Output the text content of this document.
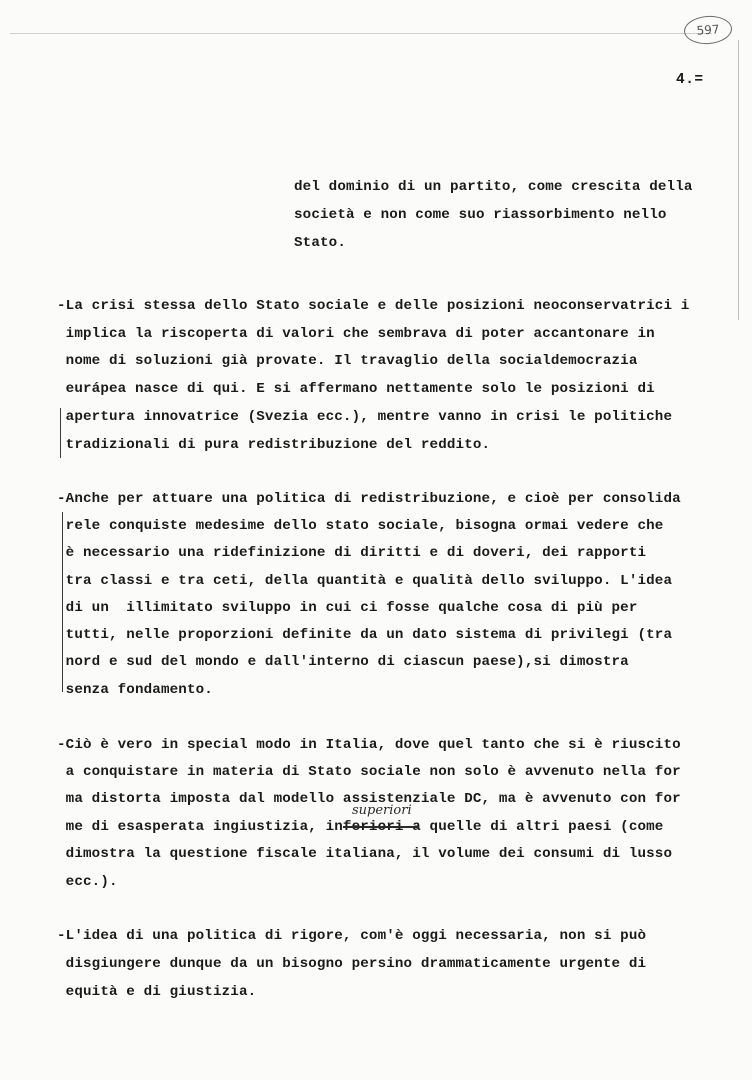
597
4.=
del dominio di un partito, come crescita della
società e non come suo riassorbimento nello
Stato.
-La crisi stessa dello Stato sociale e delle posizioni neoconservatrici i
implica la riscoperta di valori che sembrava di poter accantonare in
nome di soluzioni già provate. Il travaglio della socialdemocrazia
eurápea nasce di qui. E si affermano nettamente solo le posizioni di
apertura innovatrice (Svezia ecc.), mentre vanno in crisi le politiche
tradizionali di pura redistribuzione del reddito.
-Anche per attuare una politica di redistribuzione, e cioè per consolida
rele conquiste medesime dello stato sociale, bisogna ormai vedere che
è necessario una ridefinizione di diritti e di doveri, dei rapporti
tra classi e tra ceti, della quantità e qualità dello sviluppo. L'idea
di un  illimitato sviluppo in cui ci fosse qualche cosa di più per
tutti, nelle proporzioni definite da un dato sistema di privilegi (tra
nord e sud del mondo e dall'interno di ciascun paese),si dimostra
senza fondamento.
-Ciò è vero in special modo in Italia, dove quel tanto che si è riuscito
a conquistare in materia di Stato sociale non solo è avvenuto nella for
ma distorta imposta dal modello assistenziale DC, ma è avvenuto con for
me di esasperata ingiustizia, inferiori a quelle di altri paesi (come
dimostra la questione fiscale italiana, il volume dei consumi di lusso
ecc.).
superiori
-L'idea di una politica di rigore, com'è oggi necessaria, non si può
disgiungere dunque da un bisogno persino drammaticamente urgente di
equità e di giustizia.
